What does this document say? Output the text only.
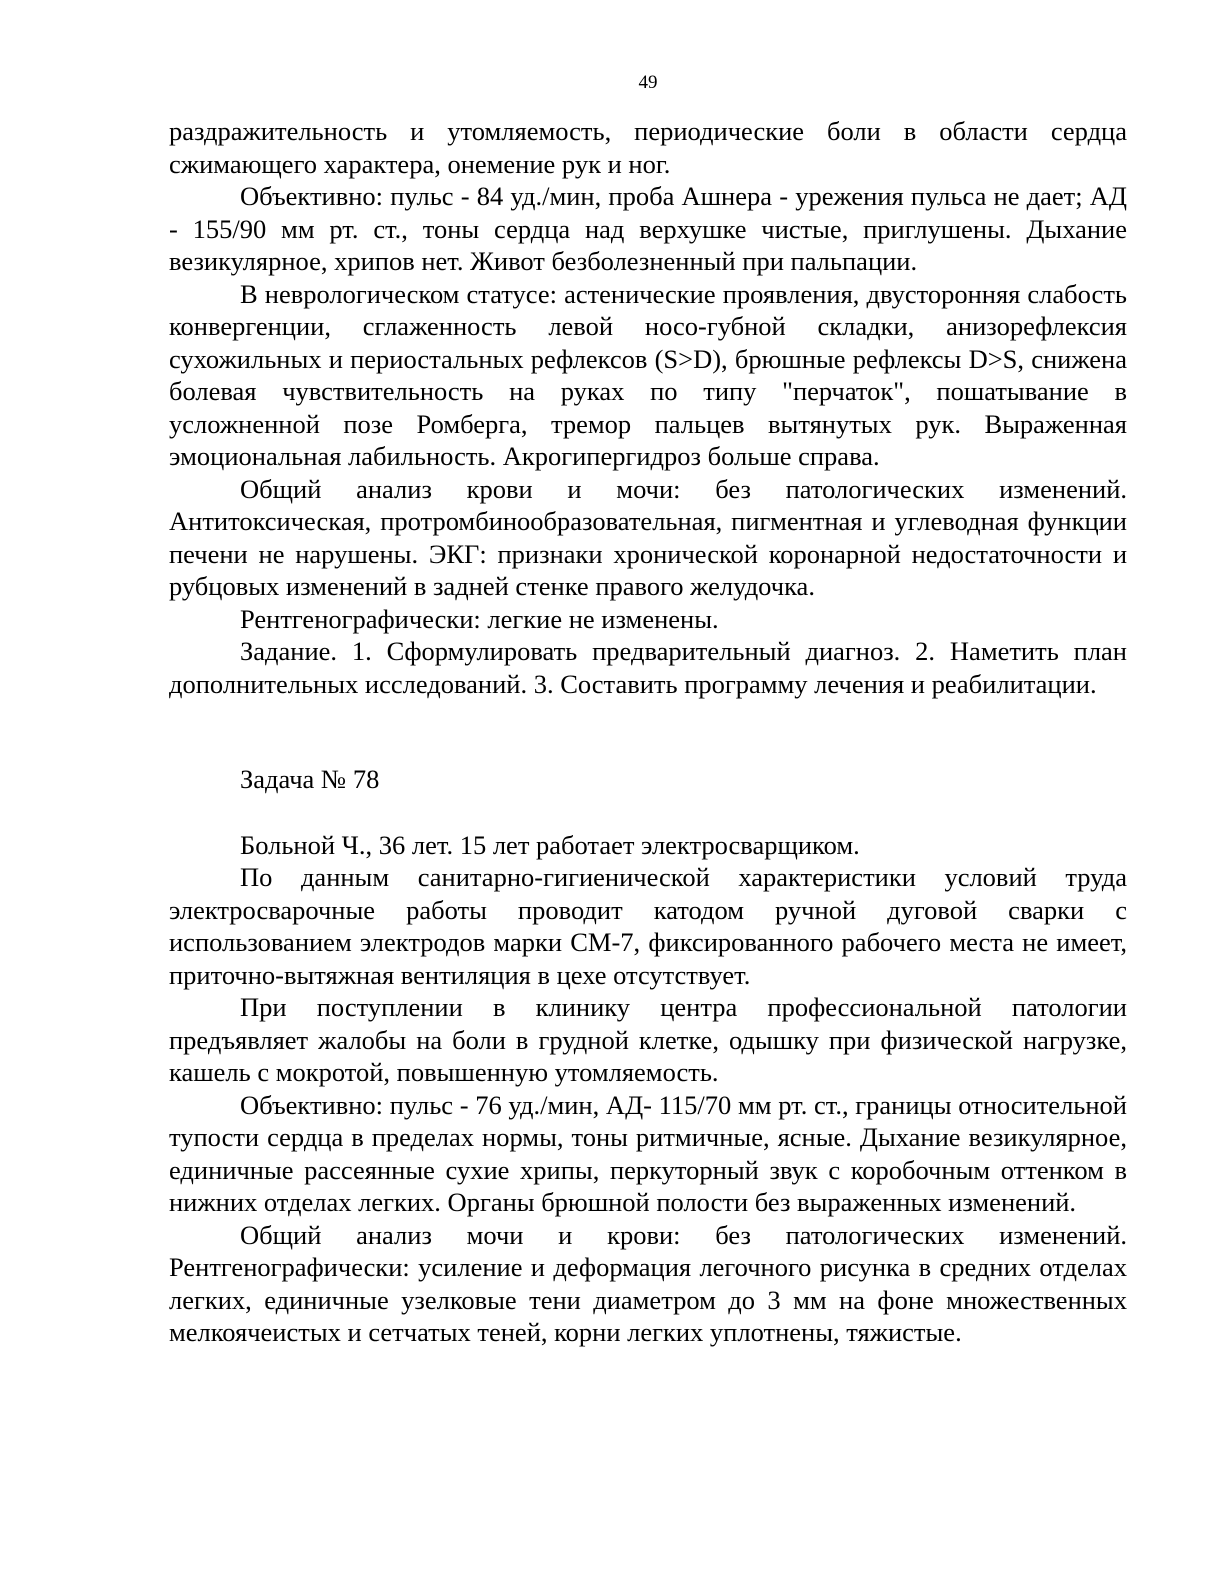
49

раздражительность и утомляемость, периодические боли в области сердца сжимающего характера, онемение рук и ног.

Объективно: пульс - 84 уд./мин, проба Ашнера - урежения пульса не дает; АД - 155/90 мм рт. ст., тоны сердца над верхушке чистые, приглушены. Дыхание везикулярное, хрипов нет. Живот безболезненный при пальпации.

В неврологическом статусе: астенические проявления, двусторонняя слабость конвергенции, сглаженность левой носо-губной складки, анизорефлексия сухожильных и периостальных рефлексов (S>D), брюшные рефлексы D>S, снижена болевая чувствительность на руках по типу "перчаток", пошатывание в усложненной позе Ромберга, тремор пальцев вытянутых рук. Выраженная эмоциональная лабильность. Акрогипергидроз больше справа.

Общий анализ крови и мочи: без патологических изменений. Антитоксическая, протромбинообразовательная, пигментная и углеводная функции печени не нарушены. ЭКГ: признаки хронической коронарной недостаточности и рубцовых изменений в задней стенке правого желудочка.

Рентгенографически: легкие не изменены.

Задание. 1. Сформулировать предварительный диагноз. 2. Наметить план дополнительных исследований. 3. Составить программу лечения и реабилитации.

Задача № 78

Больной Ч., 36 лет. 15 лет работает электросварщиком.

По данным санитарно-гигиенической характеристики условий труда электросварочные работы проводит катодом ручной дуговой сварки с использованием электродов марки СМ-7, фиксированного рабочего места не имеет, приточно-вытяжная вентиляция в цехе отсутствует.

При поступлении в клинику центра профессиональной патологии предъявляет жалобы на боли в грудной клетке, одышку при физической нагрузке, кашель с мокротой, повышенную утомляемость.

Объективно: пульс - 76 уд./мин, АД- 115/70 мм рт. ст., границы относительной тупости сердца в пределах нормы, тоны ритмичные, ясные. Дыхание везикулярное, единичные рассеянные сухие хрипы, перкуторный звук с коробочным оттенком в нижних отделах легких. Органы брюшной полости без выраженных изменений.

Общий анализ мочи и крови: без патологических изменений. Рентгенографически: усиление и деформация легочного рисунка в средних отделах легких, единичные узелковые тени диаметром до 3 мм на фоне множественных мелкоячеистых и сетчатых теней, корни легких уплотнены, тяжистые.
